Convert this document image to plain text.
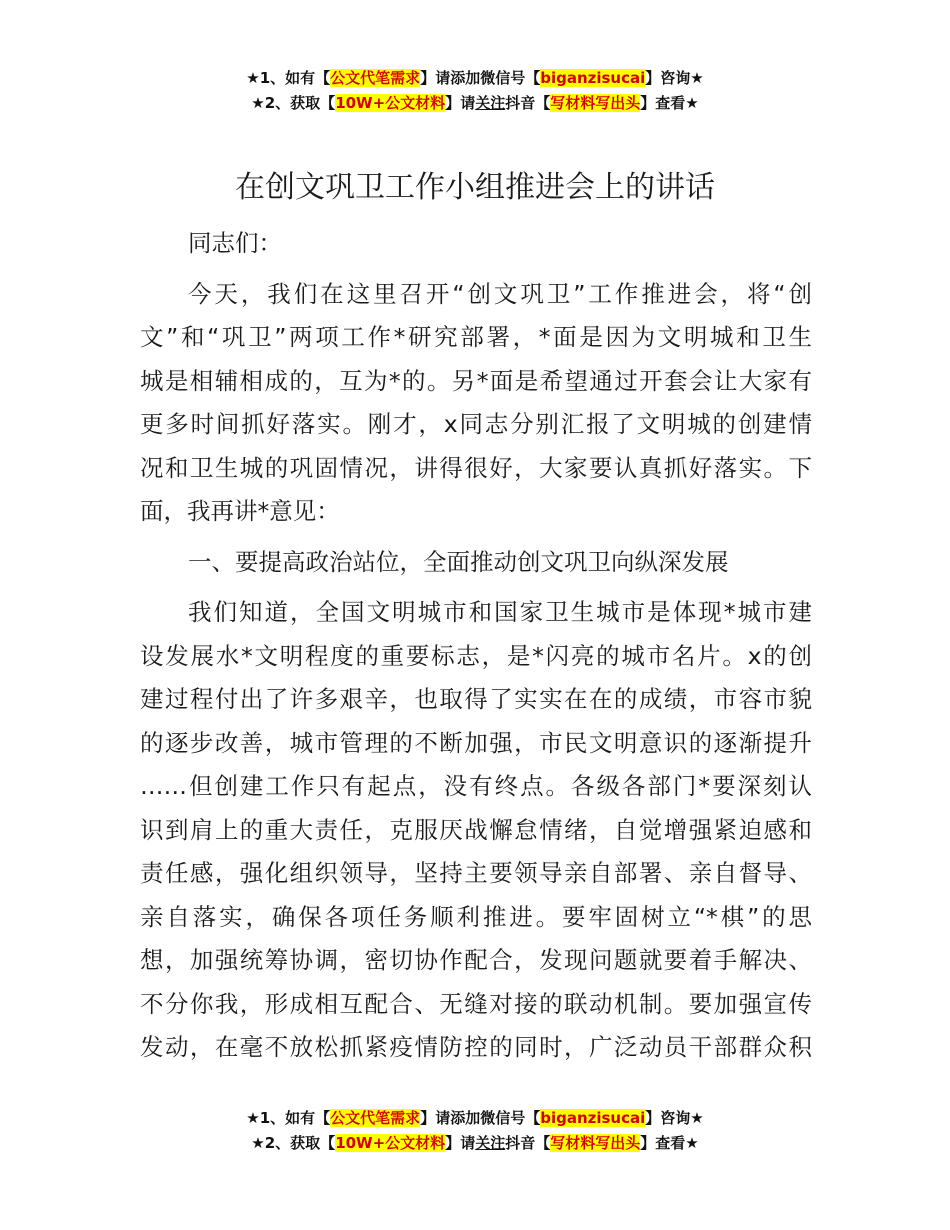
★1、如有【公文代笔需求】请添加微信号【biganzisucai】咨询★
★2、获取【10W+公文材料】请关注抖音【写材料写出头】查看★
在创文巩卫工作小组推进会上的讲话
同志们：
今天，我们在这里召开“创文巩卫”工作推进会，将“创
文”和“巩卫”两项工作*研究部署，*面是因为文明城和卫生
城是相辅相成的，互为*的。另*面是希望通过开套会让大家有
更多时间抓好落实。刚才，x同志分别汇报了文明城的创建情
况和卫生城的巩固情况，讲得很好，大家要认真抓好落实。下
面，我再讲*意见：
一、要提高政治站位，全面推动创文巩卫向纵深发展
我们知道，全国文明城市和国家卫生城市是体现*城市建
设发展水*文明程度的重要标志，是*闪亮的城市名片。x的创
建过程付出了许多艰辛，也取得了实实在在的成绩，市容市貌
的逐步改善，城市管理的不断加强，市民文明意识的逐渐提升
……但创建工作只有起点，没有终点。各级各部门*要深刻认
识到肩上的重大责任，克服厌战懈怠情绪，自觉增强紧迫感和
责任感，强化组织领导，坚持主要领导亲自部署、亲自督导、
亲自落实，确保各项任务顺利推进。要牢固树立“*棋”的思
想，加强统筹协调，密切协作配合，发现问题就要着手解决、
不分你我，形成相互配合、无缝对接的联动机制。要加强宣传
发动，在毫不放松抓紧疫情防控的同时，广泛动员干部群众积
★1、如有【公文代笔需求】请添加微信号【biganzisucai】咨询★
★2、获取【10W+公文材料】请关注抖音【写材料写出头】查看★
